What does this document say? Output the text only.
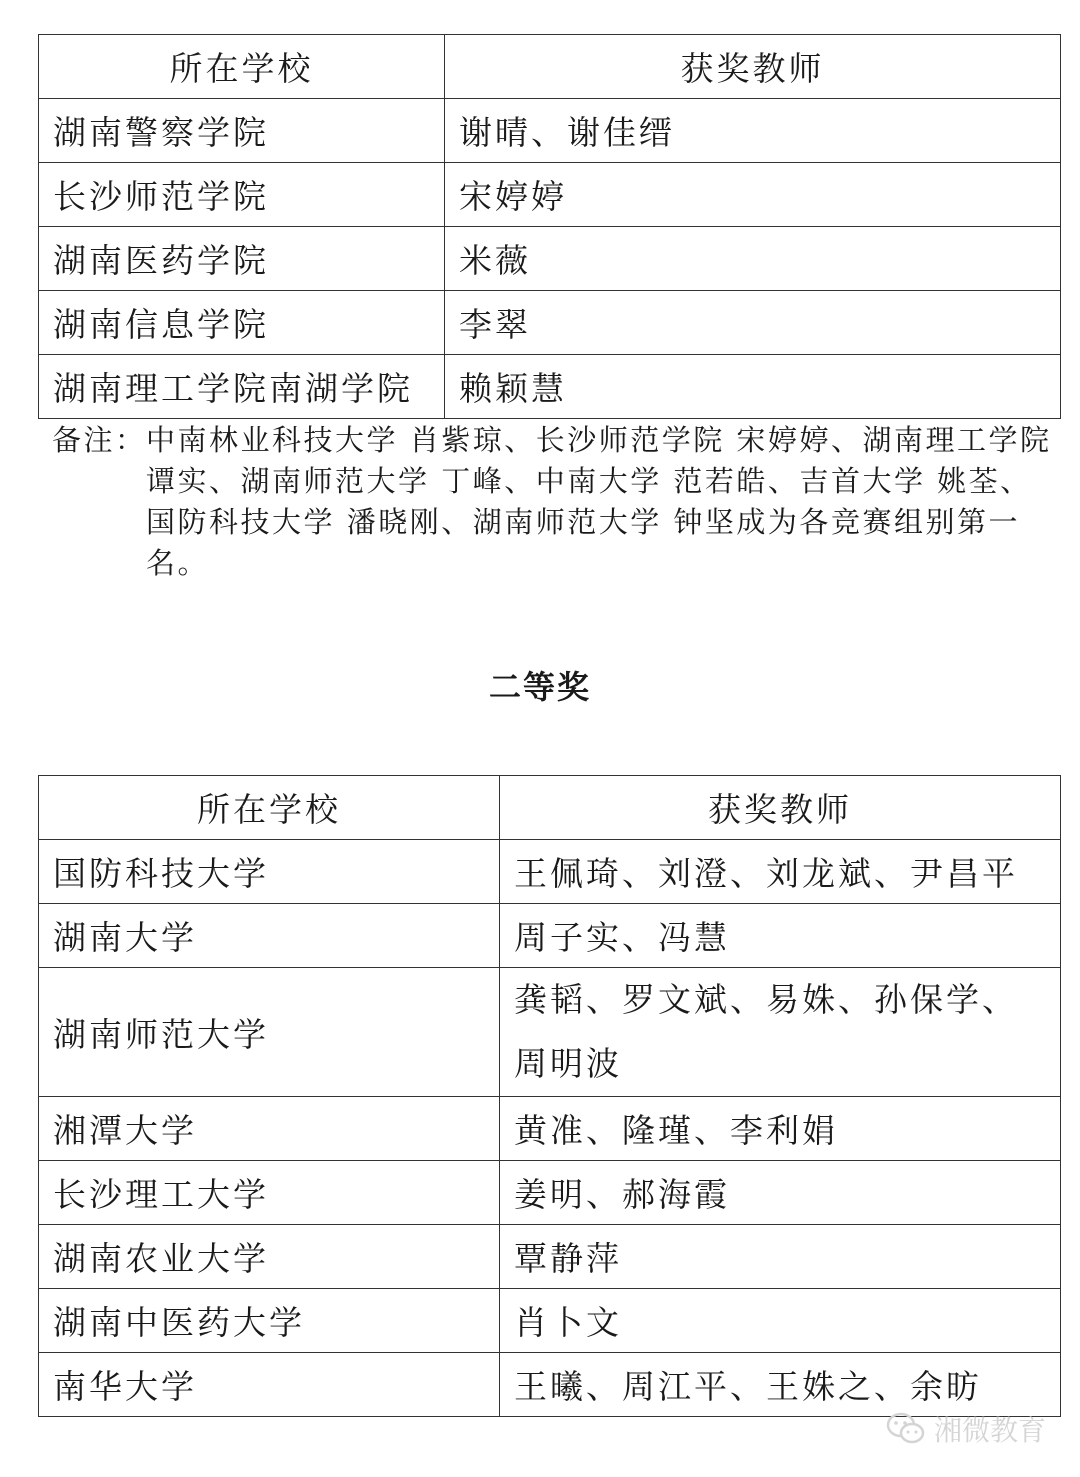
所在学校	获奖教师
湖南警察学院	谢晴、谢佳缙
长沙师范学院	宋婷婷
湖南医药学院	米薇
湖南信息学院	李翠
湖南理工学院南湖学院	赖颖慧
备注： 中南林业科技大学 肖紫琼、长沙师范学院 宋婷婷、湖南理工学院
谭实、湖南师范大学 丁峰、中南大学 范若皓、吉首大学 姚荃、
国防科技大学 潘晓刚、湖南师范大学 钟坚成为各竞赛组别第一
名。
二等奖
所在学校	获奖教师
国防科技大学	王佩琦、刘澄、刘龙斌、尹昌平
湖南大学	周子实、冯慧
湖南师范大学	龚韬、罗文斌、易姝、孙保学、周明波
湘潭大学	黄准、隆瑾、李利娟
长沙理工大学	姜明、郝海霞
湖南农业大学	覃静萍
湖南中医药大学	肖卜文
南华大学	王曦、周江平、王姝之、余昉
湘微教育
